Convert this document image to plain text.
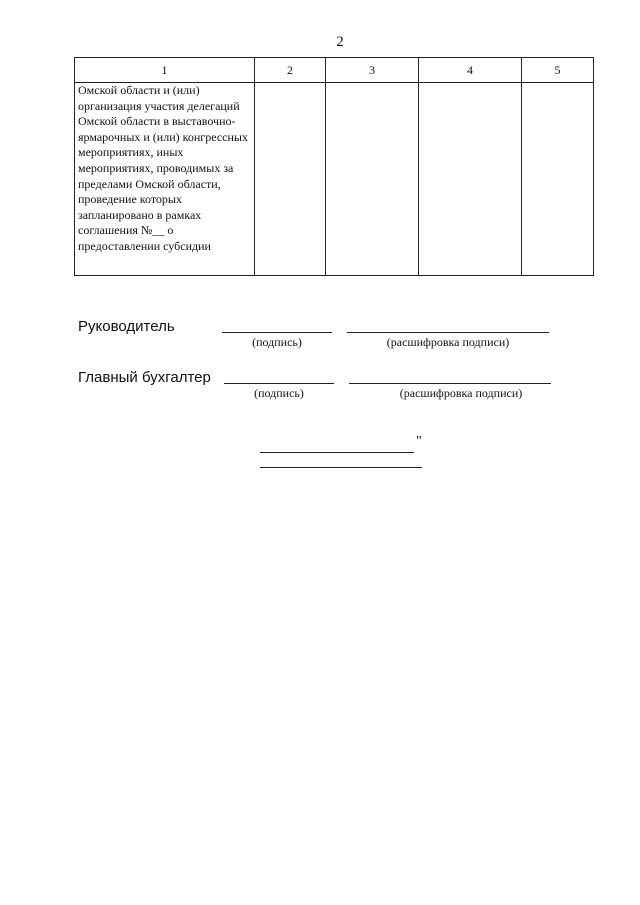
2
1	2	3	4	5
Омской области и (или) организация участия делегаций Омской области в выставочно-ярмарочных и (или) конгрессных мероприятиях, иных мероприятиях, проводимых за пределами Омской области, проведение которых запланировано в рамках соглашения №__ о предоставлении субсидии				
Руководитель
(подпись)	(расшифровка подписи)
Главный бухгалтер
(подпись)	(расшифровка подписи)
"
